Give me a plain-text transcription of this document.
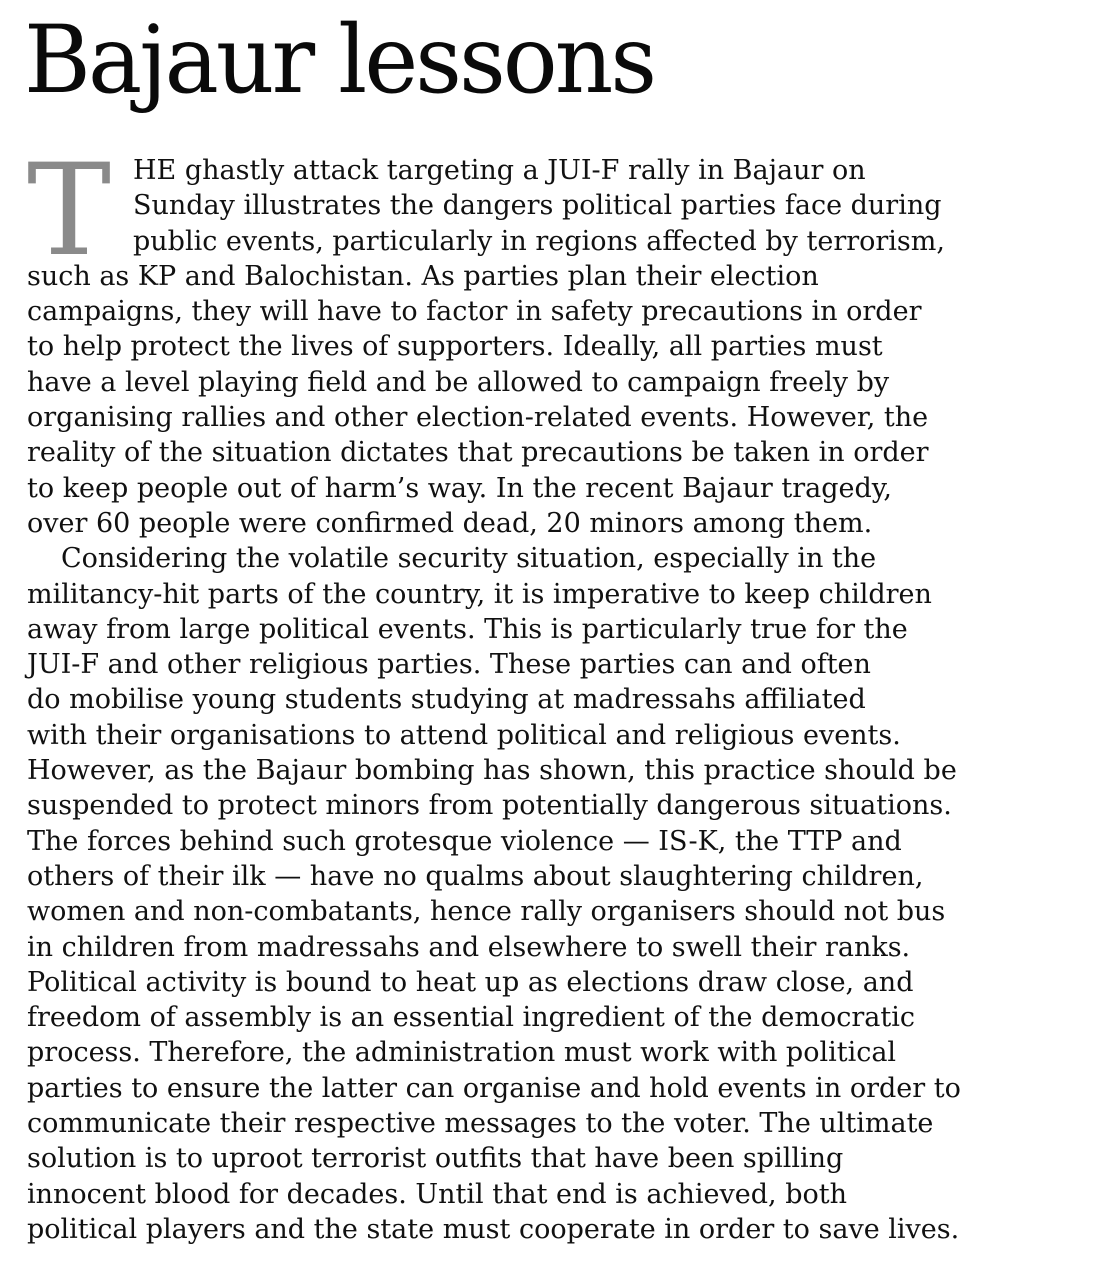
Bajaur lessons
T HE ghastly attack targeting a JUI-F rally in Bajaur on
Sunday illustrates the dangers political parties face during
public events, particularly in regions affected by terrorism,
such as KP and Balochistan. As parties plan their election
campaigns, they will have to factor in safety precautions in order
to help protect the lives of supporters. Ideally, all parties must
have a level playing field and be allowed to campaign freely by
organising rallies and other election-related events. However, the
reality of the situation dictates that precautions be taken in order
to keep people out of harm’s way. In the recent Bajaur tragedy,
over 60 people were confirmed dead, 20 minors among them.
Considering the volatile security situation, especially in the
militancy-hit parts of the country, it is imperative to keep children
away from large political events. This is particularly true for the
JUI-F and other religious parties. These parties can and often
do mobilise young students studying at madressahs affiliated
with their organisations to attend political and religious events.
However, as the Bajaur bombing has shown, this practice should be
suspended to protect minors from potentially dangerous situations.
The forces behind such grotesque violence — IS-K, the TTP and
others of their ilk — have no qualms about slaughtering children,
women and non-combatants, hence rally organisers should not bus
in children from madressahs and elsewhere to swell their ranks.
Political activity is bound to heat up as elections draw close, and
freedom of assembly is an essential ingredient of the democratic
process. Therefore, the administration must work with political
parties to ensure the latter can organise and hold events in order to
communicate their respective messages to the voter. The ultimate
solution is to uproot terrorist outfits that have been spilling
innocent blood for decades. Until that end is achieved, both
political players and the state must cooperate in order to save lives.
